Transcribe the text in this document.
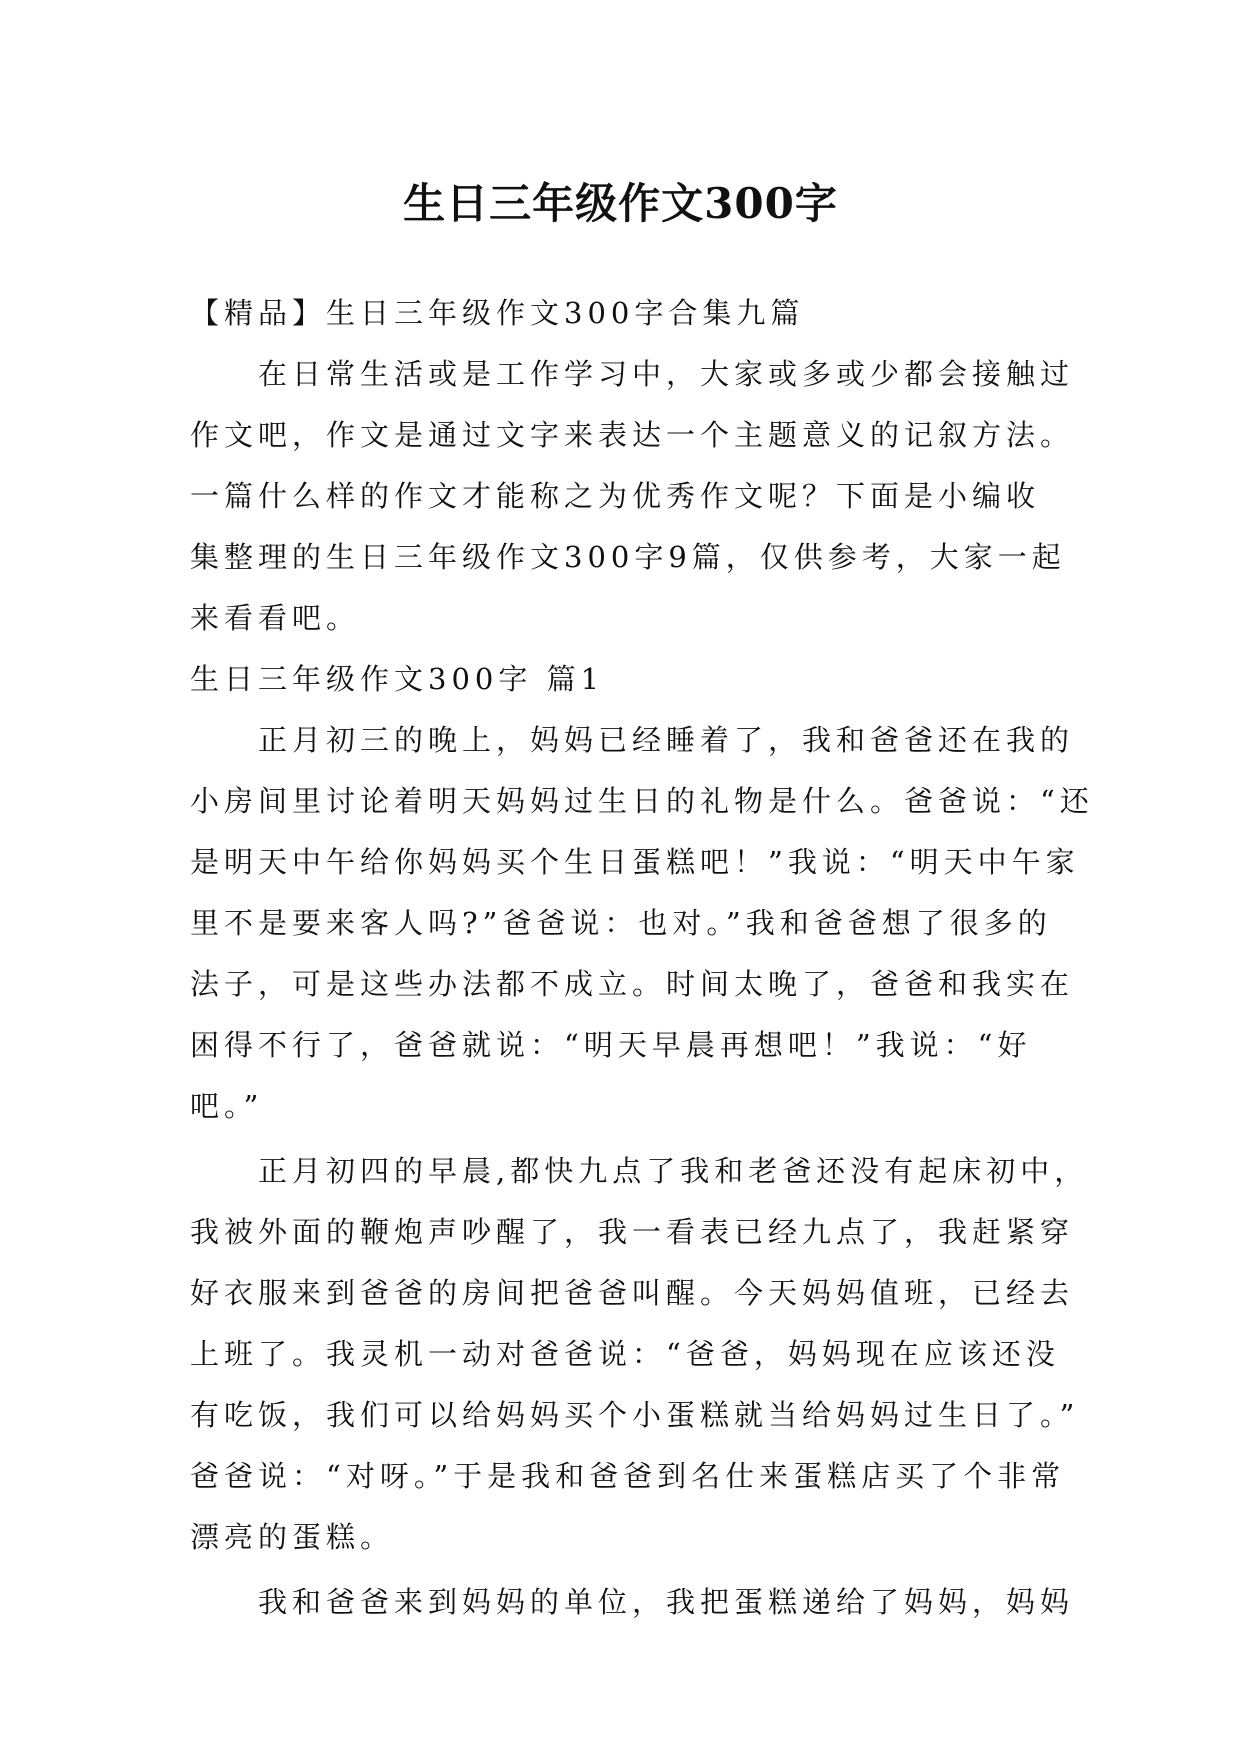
生日三年级作文300字

【精品】生日三年级作文300字合集九篇

在日常生活或是工作学习中，大家或多或少都会接触过

作文吧，作文是通过文字来表达一个主题意义的记叙方法。

一篇什么样的作文才能称之为优秀作文呢？下面是小编收

集整理的生日三年级作文300字9篇，仅供参考，大家一起

来看看吧。

生日三年级作文300字 篇1

正月初三的晚上，妈妈已经睡着了，我和爸爸还在我的

小房间里讨论着明天妈妈过生日的礼物是什么。爸爸说：“还

是明天中午给你妈妈买个生日蛋糕吧！”我说：“明天中午家

里不是要来客人吗?”爸爸说：也对。”我和爸爸想了很多的

法子，可是这些办法都不成立。时间太晚了，爸爸和我实在

困得不行了，爸爸就说：“明天早晨再想吧！”我说：“好

吧。”

正月初四的早晨,都快九点了我和老爸还没有起床初中，

我被外面的鞭炮声吵醒了，我一看表已经九点了，我赶紧穿

好衣服来到爸爸的房间把爸爸叫醒。今天妈妈值班，已经去

上班了。我灵机一动对爸爸说：“爸爸，妈妈现在应该还没

有吃饭，我们可以给妈妈买个小蛋糕就当给妈妈过生日了。”

爸爸说：“对呀。”于是我和爸爸到名仕来蛋糕店买了个非常

漂亮的蛋糕。

我和爸爸来到妈妈的单位，我把蛋糕递给了妈妈，妈妈
